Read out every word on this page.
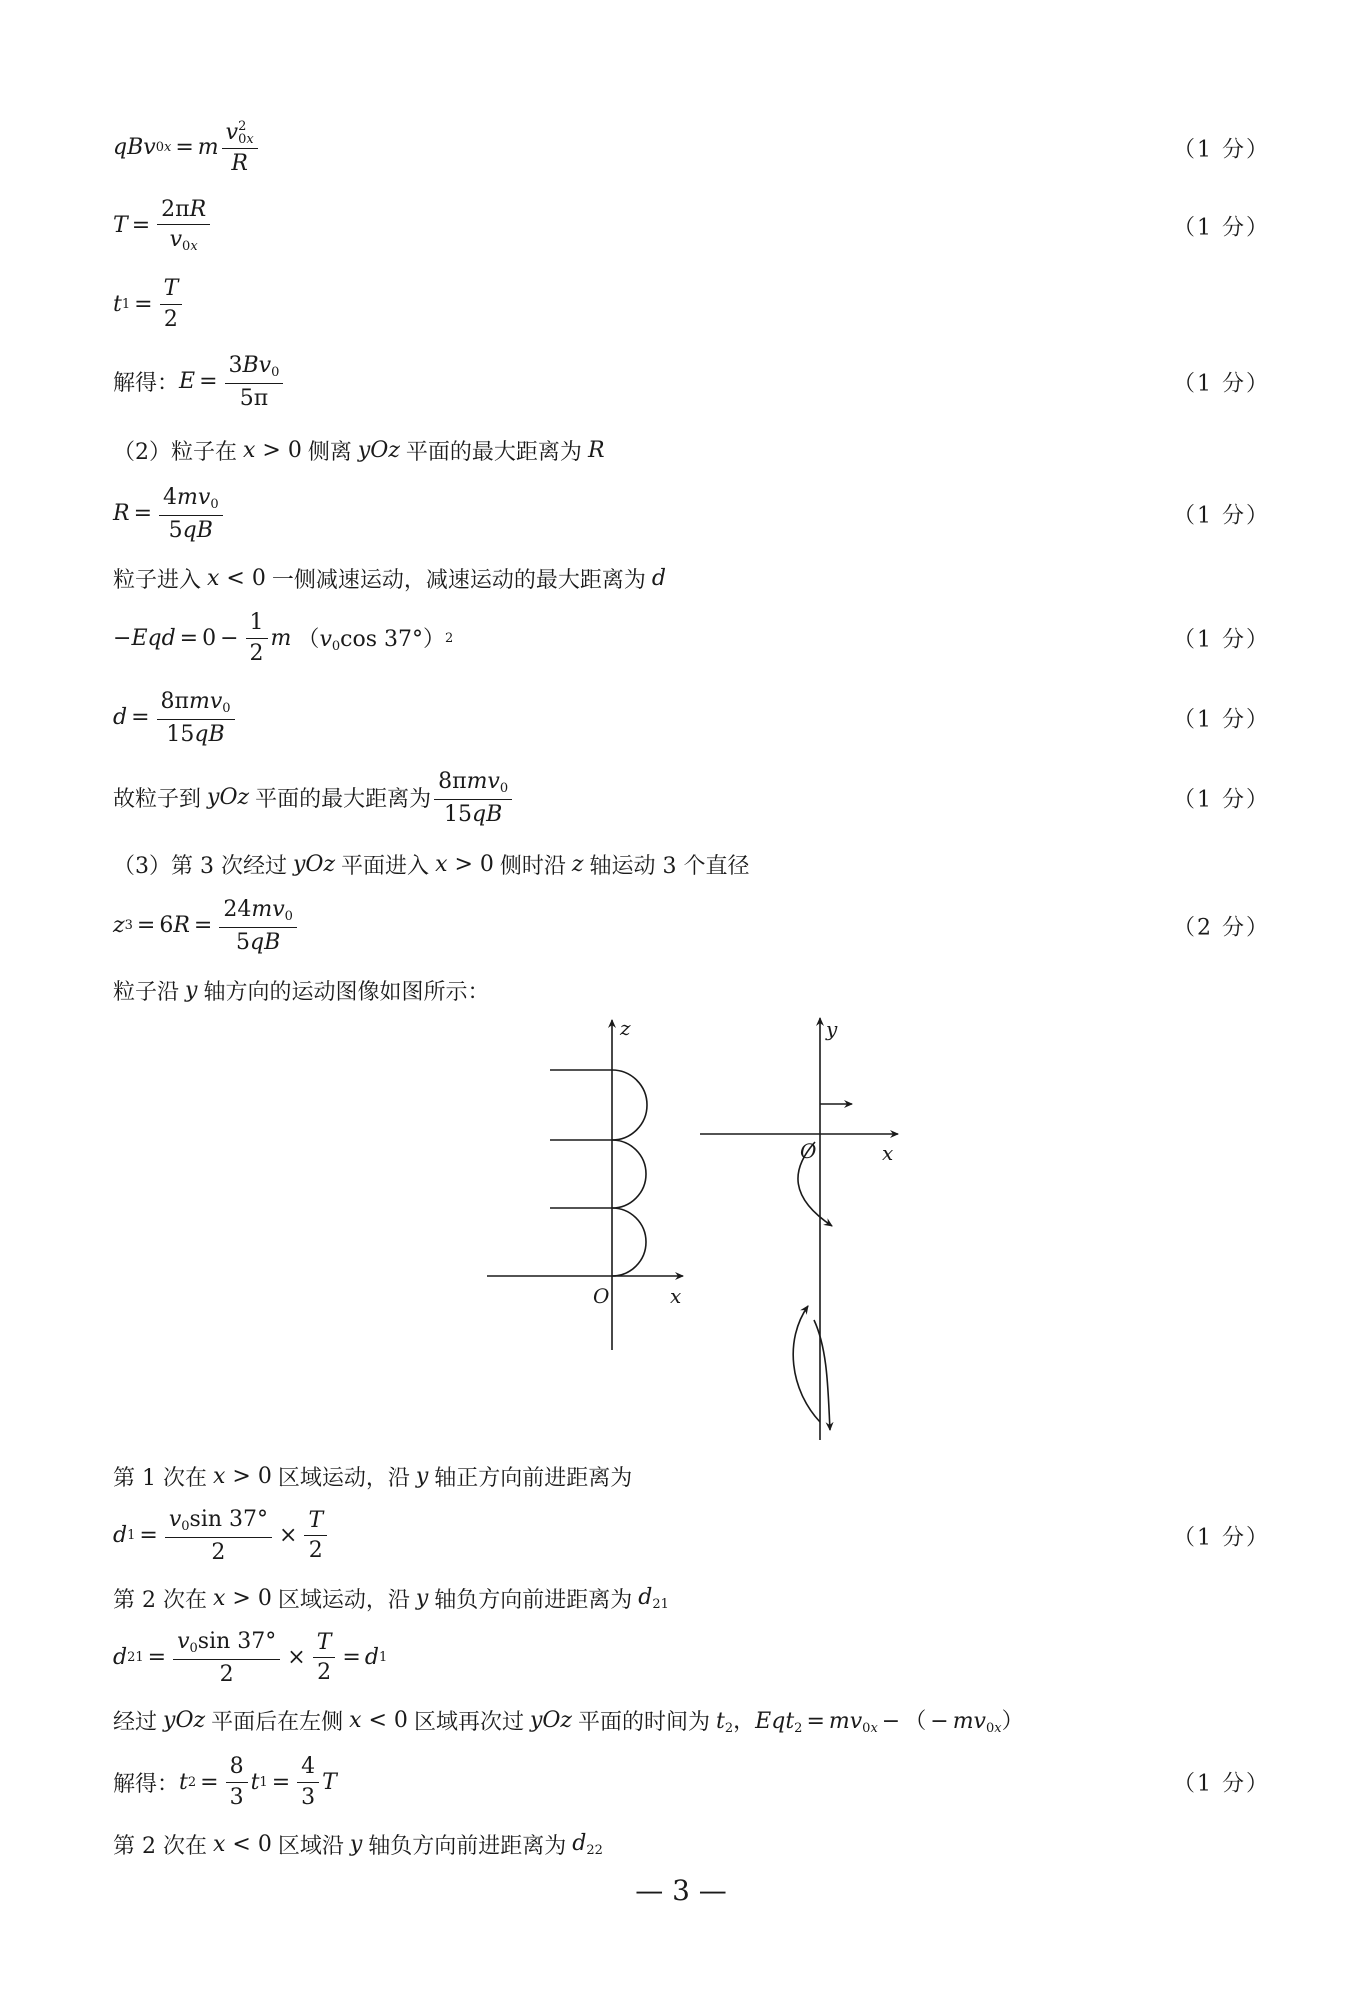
qBv 0x = m v 2
0x
R	（1 分）
$T = \frac{2\pi R}{v_{0x}}$	（1 分）
t $1 = \frac{T}{2}$
解得： $E = \frac{3Bv_0}{5\pi}$	（1 分）
（2）粒子在 x > 0 侧离 yOz 平面的最大距离为 R
$R = \frac{4mv_0}{5qB}$	（1 分）
粒子进入 x < 0 一侧减速运动，减速运动的最大距离为 d
− Eqd = $0 - \frac{1}{2}$ m （$v_0\cos$ 37°） 2	（1 分）
$d = \frac{8\pi mv_0}{15qB}$	（1 分）
故粒子到 yOz 平面的最大距离为 $\frac{8\pi mv_0}{15qB}$	（1 分）
（3）第 3 次经过 yOz 平面进入 x > 0 侧时沿 z 轴运动 3 个直径
z 3 = 6 $R = \frac{24mv_0}{5qB}$	（2 分）
粒子沿 y 轴方向的运动图像如图所示：
O	x
z
O	x
y
第 1 次在 x > 0 区域运动，沿 y 轴正方向前进距离为
d $1 = \frac{v_0\sin 37^\circ}{2} \times \frac{T}{2}$	（1 分）
第 2 次在 x > 0 区域运动，沿 y 轴负方向前进距离为 $d_{21}$
d $21 = \frac{v_0\sin 37^\circ}{2} \times \frac{T}{2} = d$ 1
经过 yOz 平面后在左侧 x < 0 区域再次过 yOz 平面的时间为 $t_2$，$Eqt_2 = mv_{0x}$ − （ − $mv_{0x}$）
解得： t $2 = \frac{8}{3}$ t $1 = \frac{4}{3}$ T	（1 分）
第 2 次在 x < 0 区域沿 y 轴负方向前进距离为 $d_{22}$
— 3 —
